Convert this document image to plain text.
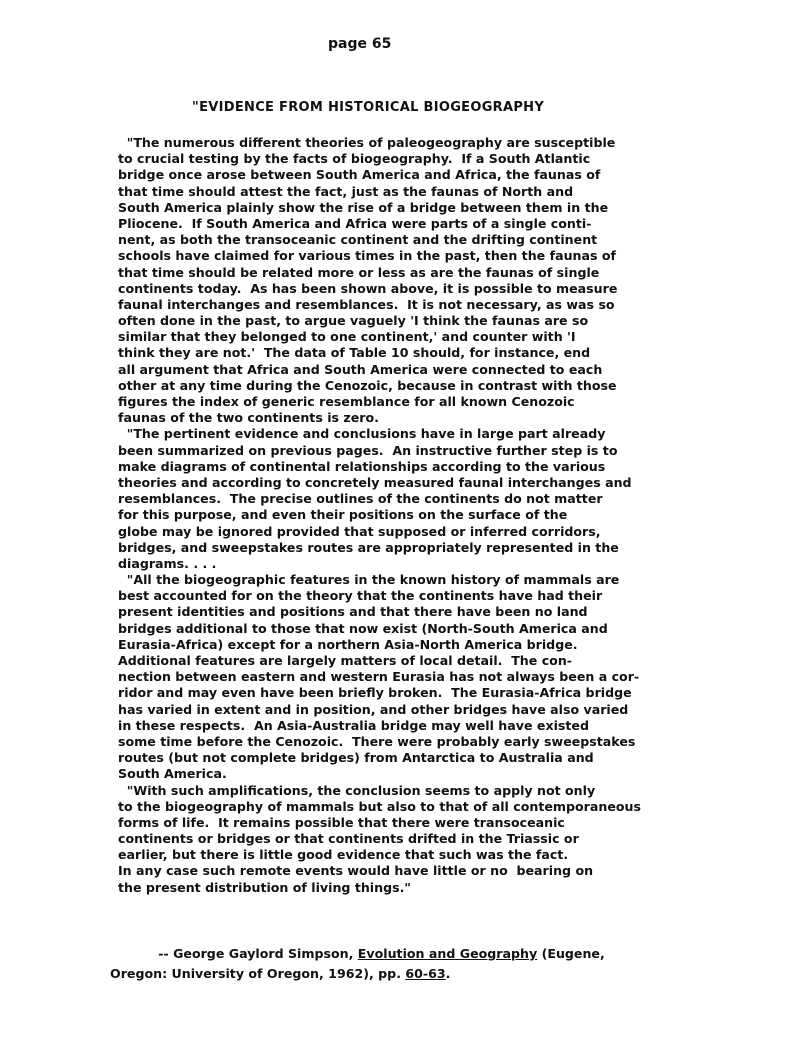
page 65
"EVIDENCE FROM HISTORICAL BIOGEOGRAPHY
"The numerous different theories of paleogeography are susceptible
to crucial testing by the facts of biogeography.  If a South Atlantic
bridge once arose between South America and Africa, the faunas of
that time should attest the fact, just as the faunas of North and
South America plainly show the rise of a bridge between them in the
Pliocene.  If South America and Africa were parts of a single conti-
nent, as both the transoceanic continent and the drifting continent
schools have claimed for various times in the past, then the faunas of
that time should be related more or less as are the faunas of single
continents today.  As has been shown above, it is possible to measure
faunal interchanges and resemblances.  It is not necessary, as was so
often done in the past, to argue vaguely 'I think the faunas are so
similar that they belonged to one continent,' and counter with 'I
think they are not.'  The data of Table 10 should, for instance, end
all argument that Africa and South America were connected to each
other at any time during the Cenozoic, because in contrast with those
figures the index of generic resemblance for all known Cenozoic
faunas of the two continents is zero.
"The pertinent evidence and conclusions have in large part already
been summarized on previous pages.  An instructive further step is to
make diagrams of continental relationships according to the various
theories and according to concretely measured faunal interchanges and
resemblances.  The precise outlines of the continents do not matter
for this purpose, and even their positions on the surface of the
globe may be ignored provided that supposed or inferred corridors,
bridges, and sweepstakes routes are appropriately represented in the
diagrams. . . .
"All the biogeographic features in the known history of mammals are
best accounted for on the theory that the continents have had their
present identities and positions and that there have been no land
bridges additional to those that now exist (North-South America and
Eurasia-Africa) except for a northern Asia-North America bridge.
Additional features are largely matters of local detail.  The con-
nection between eastern and western Eurasia has not always been a cor-
ridor and may even have been briefly broken.  The Eurasia-Africa bridge
has varied in extent and in position, and other bridges have also varied
in these respects.  An Asia-Australia bridge may well have existed
some time before the Cenozoic.  There were probably early sweepstakes
routes (but not complete bridges) from Antarctica to Australia and
South America.
"With such amplifications, the conclusion seems to apply not only
to the biogeography of mammals but also to that of all contemporaneous
forms of life.  It remains possible that there were transoceanic
continents or bridges or that continents drifted in the Triassic or
earlier, but there is little good evidence that such was the fact.
In any case such remote events would have little or no  bearing on
the present distribution of living things."
-- George Gaylord Simpson, Evolution and Geography (Eugene,
Oregon: University of Oregon, 1962), pp. 60-63.
